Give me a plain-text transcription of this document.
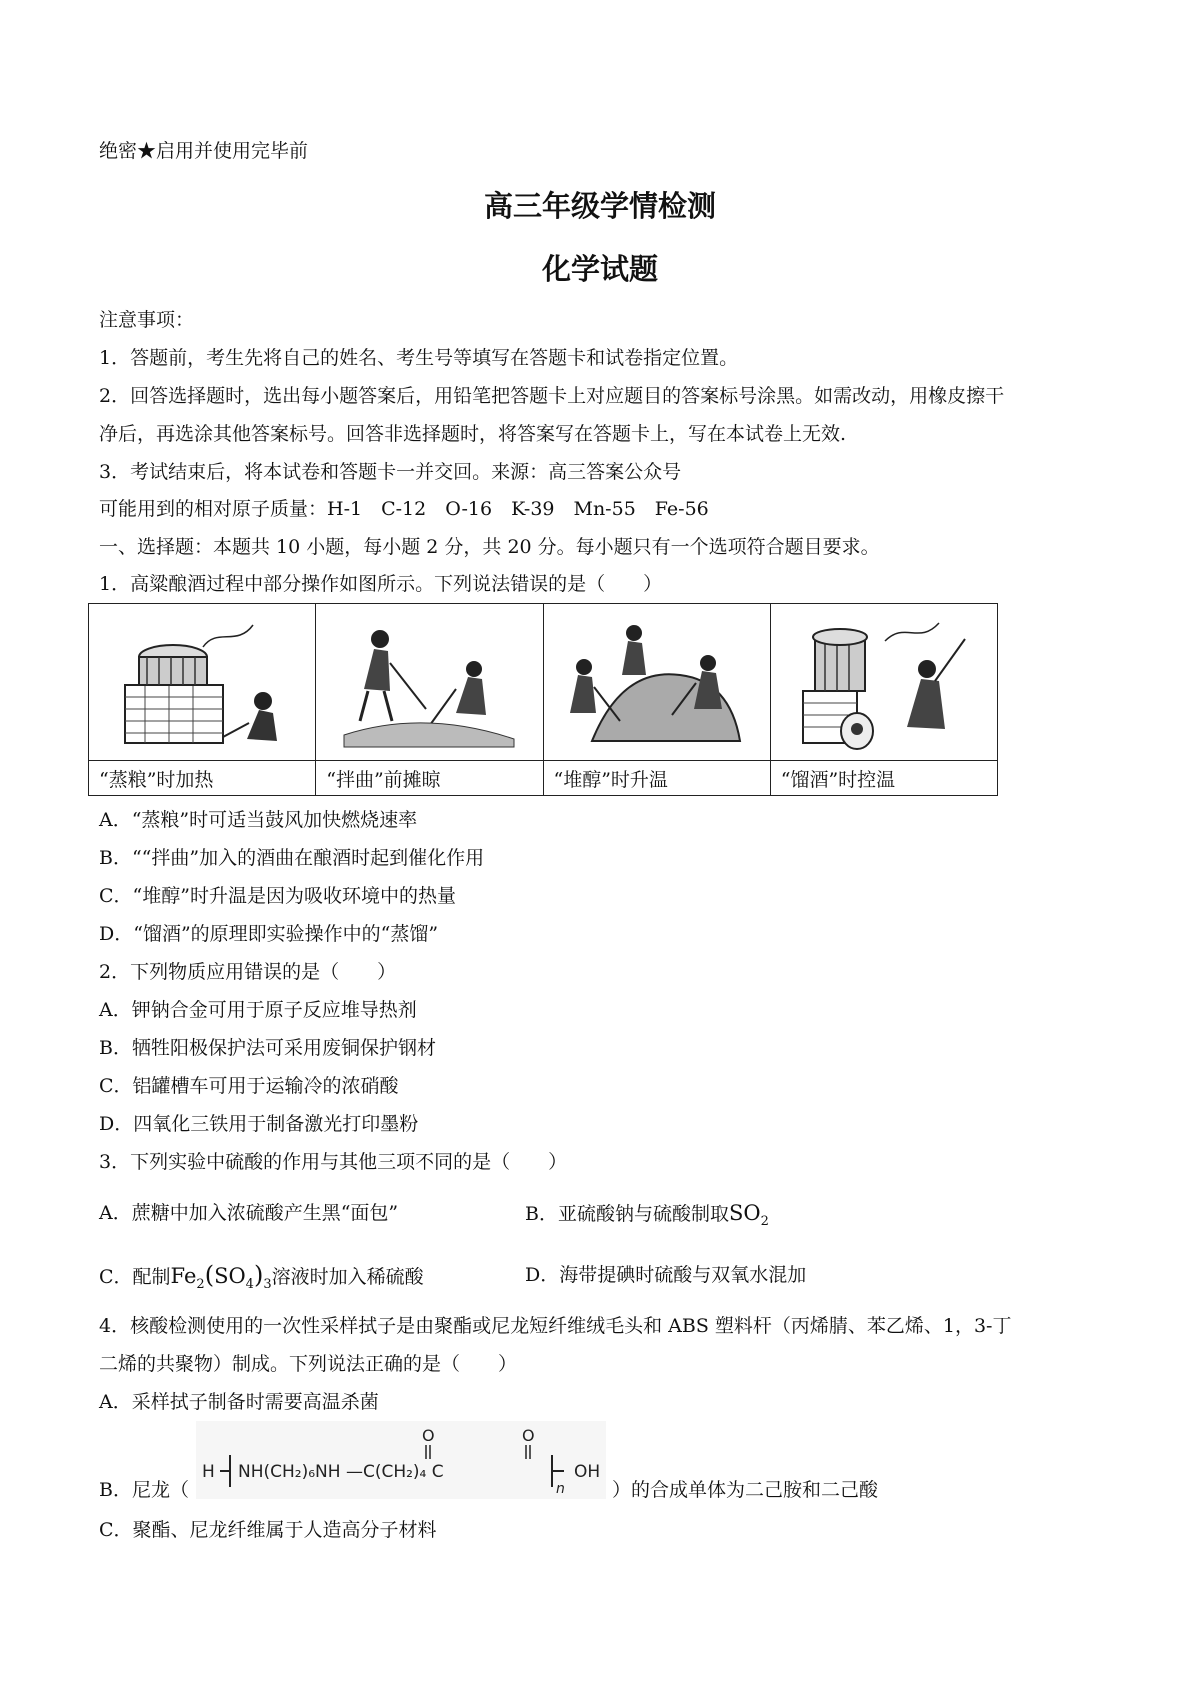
绝密★启用并使用完毕前
高三年级学情检测
化学试题
注意事项：
1．答题前，考生先将自己的姓名、考生号等填写在答题卡和试卷指定位置。
2．回答选择题时，选出每小题答案后，用铅笔把答题卡上对应题目的答案标号涂黑。如需改动，用橡皮擦干
净后，再选涂其他答案标号。回答非选择题时，将答案写在答题卡上，写在本试卷上无效.
3．考试结束后，将本试卷和答题卡一并交回。来源：高三答案公众号
可能用到的相对原子质量：H-1　C-12　O-16　K-39　Mn-55　Fe-56
一、选择题：本题共 10 小题，每小题 2 分，共 20 分。每小题只有一个选项符合题目要求。
1．高粱酿酒过程中部分操作如图所示。下列说法错误的是（　　）

“蒸粮”时加热	“拌曲”前摊晾	“堆醇”时升温	“馏酒”时控温
A．“蒸粮”时可适当鼓风加快燃烧速率
B．““拌曲”加入的酒曲在酿酒时起到催化作用
C．“堆醇”时升温是因为吸收环境中的热量
D．“馏酒”的原理即实验操作中的“蒸馏”
2．下列物质应用错误的是（　　）
A．钾钠合金可用于原子反应堆导热剂
B．牺牲阳极保护法可采用废铜保护钢材
C．铝罐槽车可用于运输冷的浓硝酸
D．四氧化三铁用于制备激光打印墨粉
3．下列实验中硫酸的作用与其他三项不同的是（　　）
A．蔗糖中加入浓硫酸产生黑“面包”	B．亚硫酸钠与硫酸制取$SO_2$
C．配制$Fe_2(SO_4)_3$溶液时加入稀硫酸	D．海带提碘时硫酸与双氧水混加
4．核酸检测使用的一次性采样拭子是由聚酯或尼龙短纤维绒毛头和 ABS 塑料杆（丙烯腈、苯乙烯、1，3-丁
二烯的共聚物）制成。下列说法正确的是（　　）
A．采样拭子制备时需要高温杀菌
H NH(CH₂)₆NH —C(CH₂)₄ C
O	O
n
OH
B．尼龙（	）的合成单体为二己胺和二己酸
C．聚酯、尼龙纤维属于人造高分子材料
